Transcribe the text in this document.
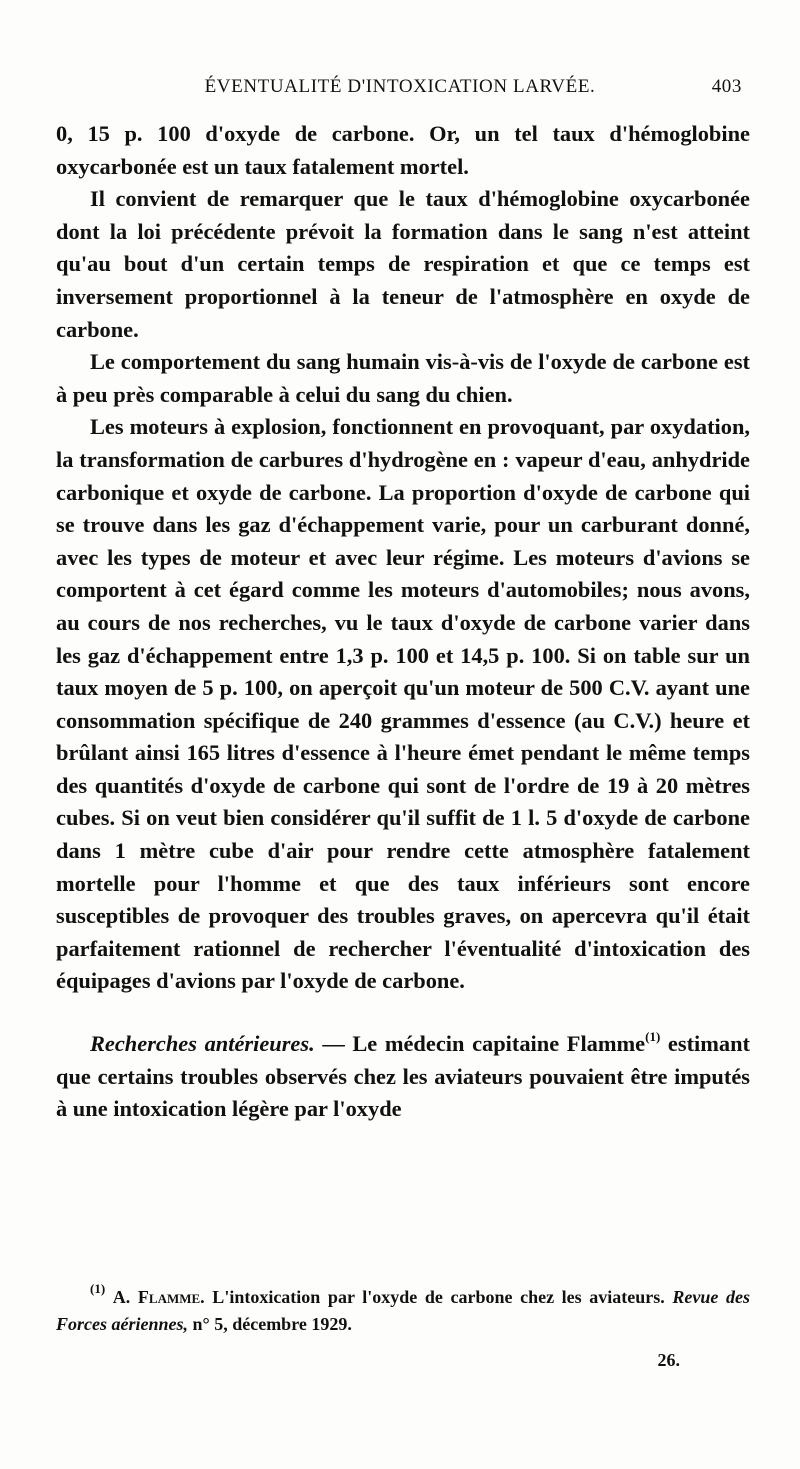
ÉVENTUALITÉ D'INTOXICATION LARVÉE.	403

0, 15 p. 100 d'oxyde de carbone. Or, un tel taux d'hémoglobine oxycarbonée est un taux fatalement mortel.

Il convient de remarquer que le taux d'hémoglobine oxycarbonée dont la loi précédente prévoit la formation dans le sang n'est atteint qu'au bout d'un certain temps de respiration et que ce temps est inversement proportionnel à la teneur de l'atmosphère en oxyde de carbone.

Le comportement du sang humain vis-à-vis de l'oxyde de carbone est à peu près comparable à celui du sang du chien.

Les moteurs à explosion, fonctionnent en provoquant, par oxydation, la transformation de carbures d'hydrogène en : vapeur d'eau, anhydride carbonique et oxyde de carbone. La proportion d'oxyde de carbone qui se trouve dans les gaz d'échappement varie, pour un carburant donné, avec les types de moteur et avec leur régime. Les moteurs d'avions se comportent à cet égard comme les moteurs d'automobiles; nous avons, au cours de nos recherches, vu le taux d'oxyde de carbone varier dans les gaz d'échappement entre 1,3 p. 100 et 14,5 p. 100. Si on table sur un taux moyen de 5 p. 100, on aperçoit qu'un moteur de 500 C.V. ayant une consommation spécifique de 240 grammes d'essence (au C.V.) heure et brûlant ainsi 165 litres d'essence à l'heure émet pendant le même temps des quantités d'oxyde de carbone qui sont de l'ordre de 19 à 20 mètres cubes. Si on veut bien considérer qu'il suffit de 1 l. 5 d'oxyde de carbone dans 1 mètre cube d'air pour rendre cette atmosphère fatalement mortelle pour l'homme et que des taux inférieurs sont encore susceptibles de provoquer des troubles graves, on apercevra qu'il était parfaitement rationnel de rechercher l'éventualité d'intoxication des équipages d'avions par l'oxyde de carbone.

Recherches antérieures. — Le médecin capitaine Flamme$^{(1)}$ estimant que certains troubles observés chez les aviateurs pouvaient être imputés à une intoxication légère par l'oxyde

$^{(1)}$ A. Flamme. L'intoxication par l'oxyde de carbone chez les aviateurs. Revue des Forces aériennes, n° 5, décembre 1929.

26.
